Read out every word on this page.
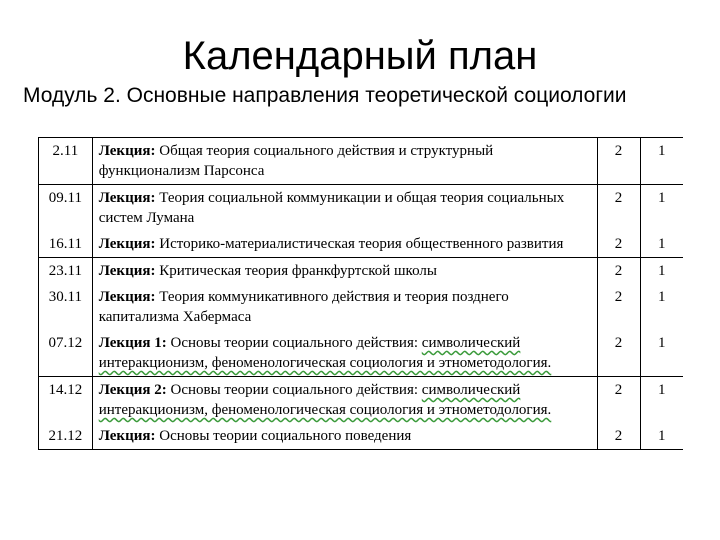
Календарный план
Модуль 2. Основные направления теоретической социологии
2.11	Лекция: Общая теория социального действия и структурный функционализм Парсонса	2	1
09.11	Лекция: Теория социальной коммуникации и общая теория социальных систем Лумана	2	1
16.11	Лекция: Историко-материалистическая теория общественного развития	2	1
23.11	Лекция: Критическая теория франкфуртской школы	2	1
30.11	Лекция: Теория коммуникативного действия и теория позднего капитализма Хабермаса	2	1
07.12	Лекция 1: Основы теории социального действия: символический интеракционизм, феноменологическая социология и этнометодология.	2	1
14.12	Лекция 2: Основы теории социального действия: символический интеракционизм, феноменологическая социология и этнометодология.	2	1
21.12	Лекция: Основы теории социального поведения	2	1
